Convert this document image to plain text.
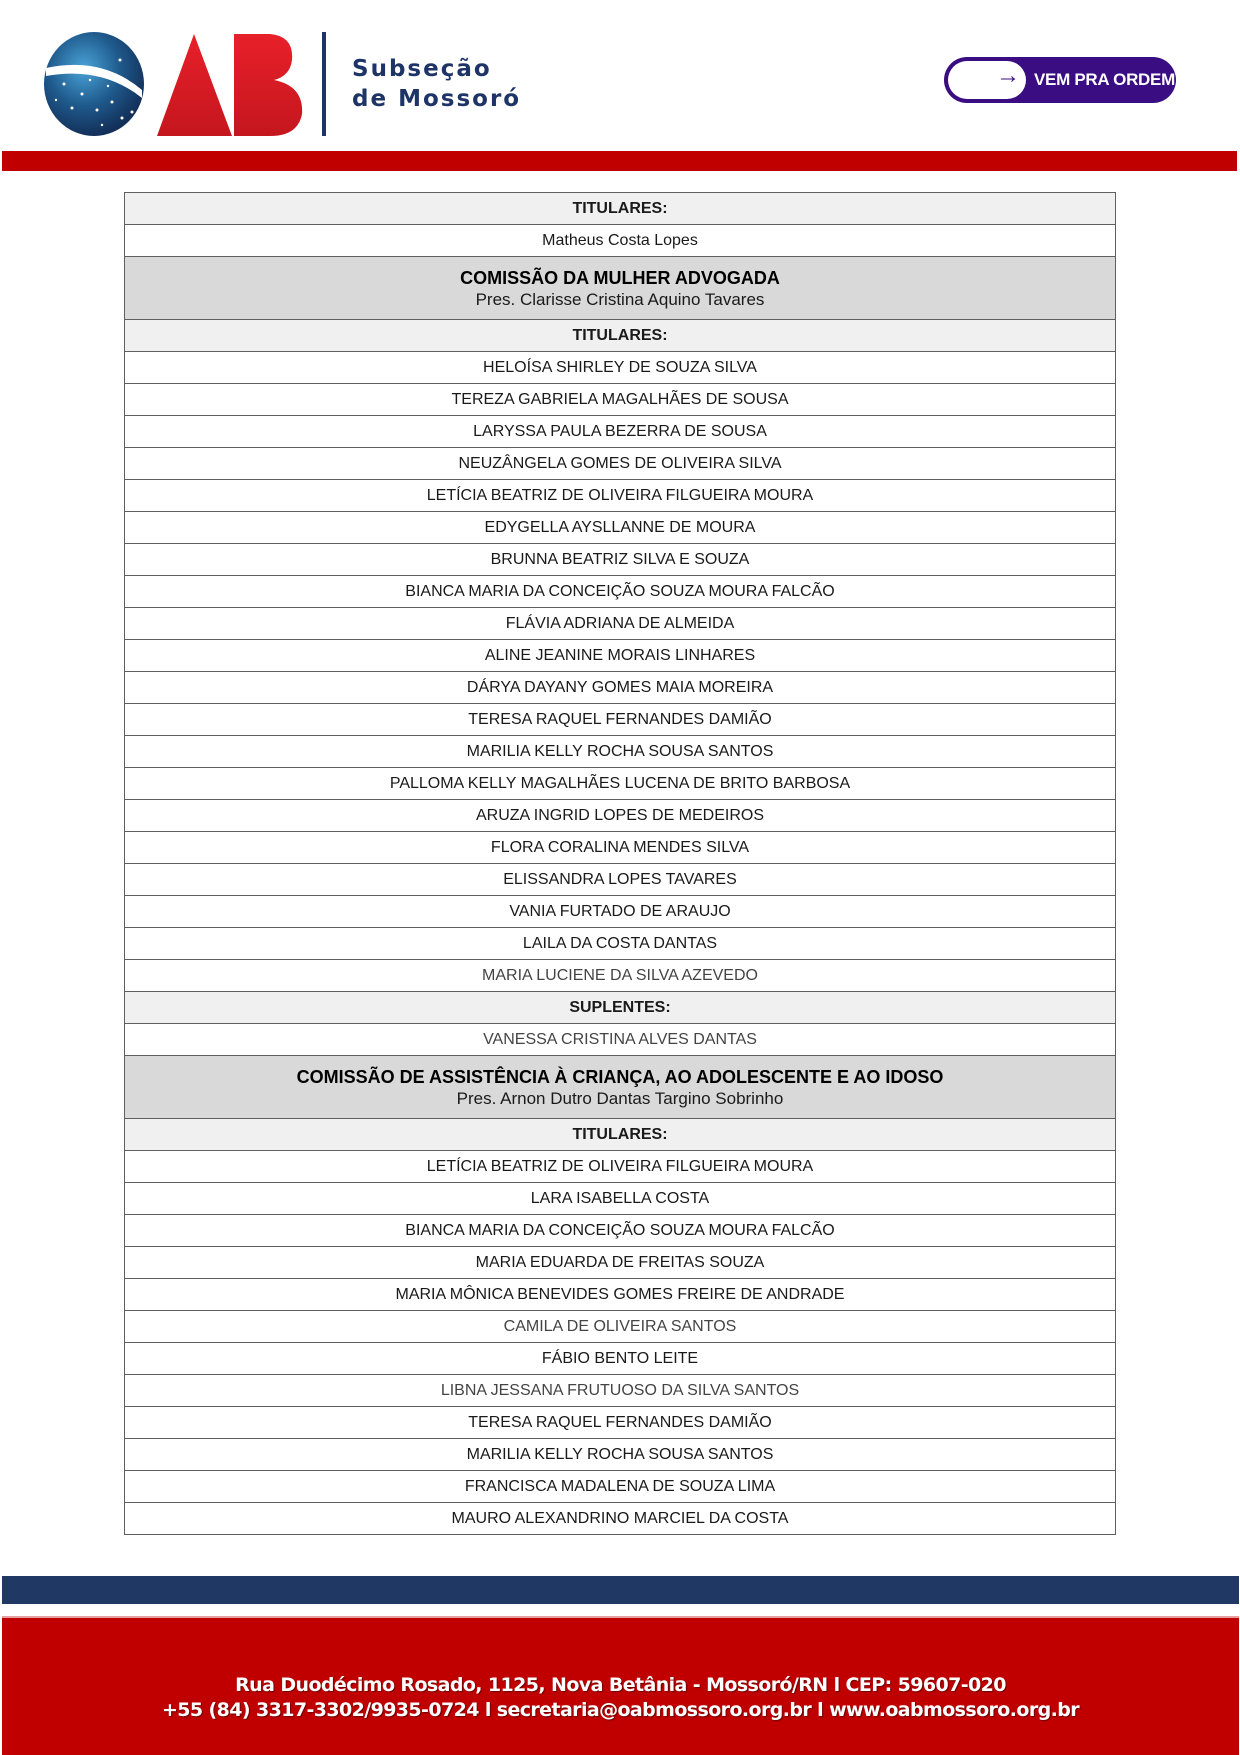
Subseção
de Mossoró
→ VEM PRA ORDEM
TITULARES:
Matheus Costa Lopes

COMISSÃO DA MULHER ADVOGADA
Pres. Clarisse Cristina Aquino Tavares

TITULARES:
HELOÍSA SHIRLEY DE SOUZA SILVA
TEREZA GABRIELA MAGALHÃES DE SOUSA
LARYSSA PAULA BEZERRA DE SOUSA
NEUZÂNGELA GOMES DE OLIVEIRA SILVA
LETÍCIA BEATRIZ DE OLIVEIRA FILGUEIRA MOURA
EDYGELLA AYSLLANNE DE MOURA
BRUNNA BEATRIZ SILVA E SOUZA
BIANCA MARIA DA CONCEIÇÃO SOUZA MOURA FALCÃO
FLÁVIA ADRIANA DE ALMEIDA
ALINE JEANINE MORAIS LINHARES
DÁRYA DAYANY GOMES MAIA MOREIRA
TERESA RAQUEL FERNANDES DAMIÃO
MARILIA KELLY ROCHA SOUSA SANTOS
PALLOMA KELLY MAGALHÃES LUCENA DE BRITO BARBOSA
ARUZA INGRID LOPES DE MEDEIROS
FLORA CORALINA MENDES SILVA
ELISSANDRA LOPES TAVARES
VANIA FURTADO DE ARAUJO
LAILA DA COSTA DANTAS
MARIA LUCIENE DA SILVA AZEVEDO
SUPLENTES:
VANESSA CRISTINA ALVES DANTAS

COMISSÃO DE ASSISTÊNCIA À CRIANÇA, AO ADOLESCENTE E AO IDOSO
Pres. Arnon Dutro Dantas Targino Sobrinho

TITULARES:
LETÍCIA BEATRIZ DE OLIVEIRA FILGUEIRA MOURA
LARA ISABELLA COSTA
BIANCA MARIA DA CONCEIÇÃO SOUZA MOURA FALCÃO
MARIA EDUARDA DE FREITAS SOUZA
MARIA MÔNICA BENEVIDES GOMES FREIRE DE ANDRADE
CAMILA DE OLIVEIRA SANTOS
FÁBIO BENTO LEITE
LIBNA JESSANA FRUTUOSO DA SILVA SANTOS
TERESA RAQUEL FERNANDES DAMIÃO
MARILIA KELLY ROCHA SOUSA SANTOS
FRANCISCA MADALENA DE SOUZA LIMA
MAURO ALEXANDRINO MARCIEL DA COSTA
Rua Duodécimo Rosado, 1125, Nova Betânia - Mossoró/RN l CEP: 59607-020
+55 (84) 3317-3302/9935-0724 l secretaria@oabmossoro.org.br l www.oabmossoro.org.br
